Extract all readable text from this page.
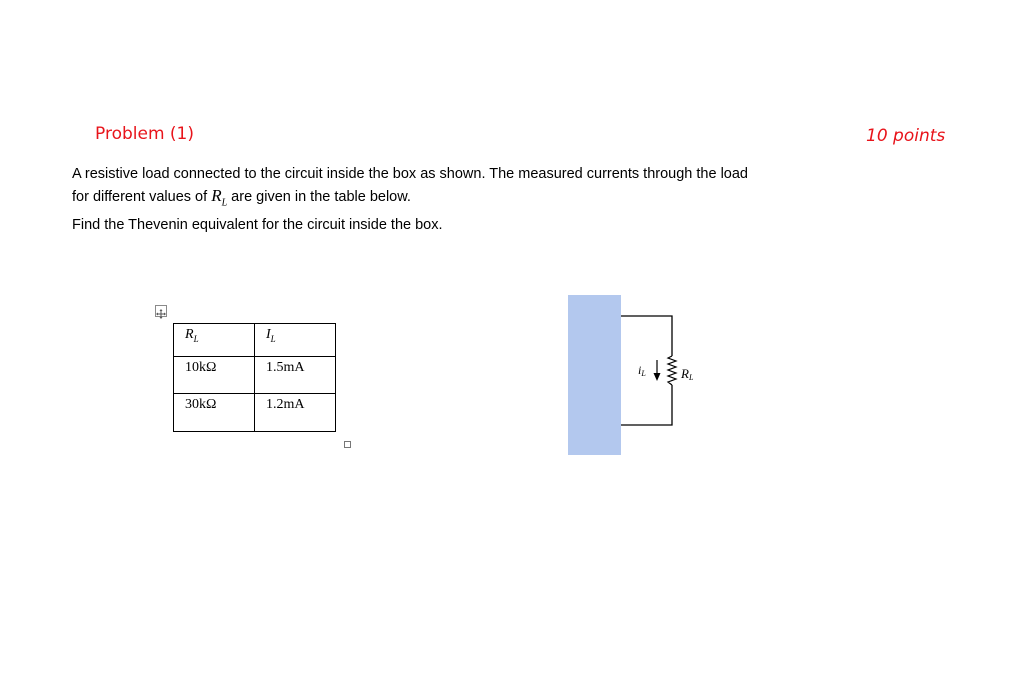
Problem (1)	10 points

A resistive load connected to the circuit inside the box as shown. The measured currents through the load

for different values of $R_L$ are given in the table below.

Find the Thevenin equivalent for the circuit inside the box.

$R_L$	$I_L$
10kΩ	1.5mA
30kΩ	1.2mA
iL	RL
